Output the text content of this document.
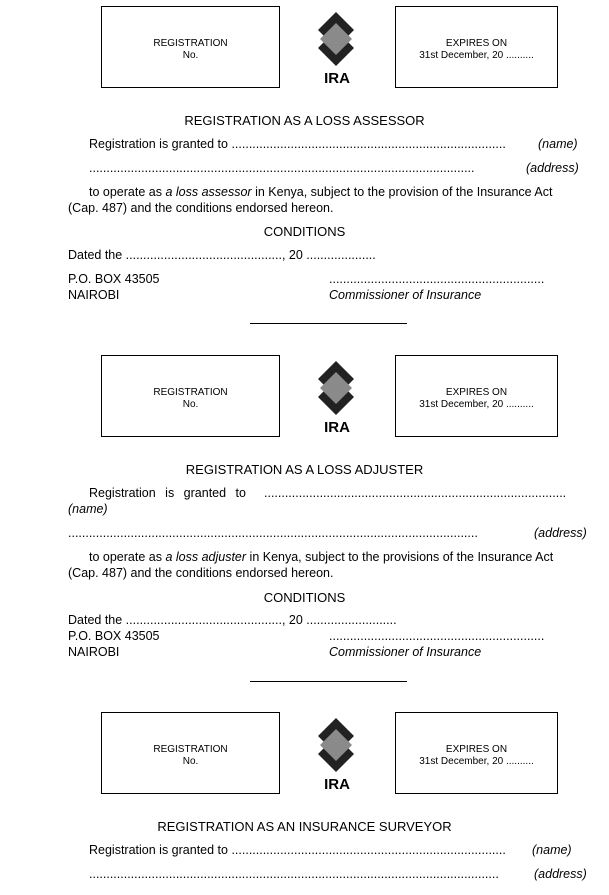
REGISTRATION
No.
IRA
EXPIRES ON
31st December, 20 ..........
REGISTRATION AS A LOSS ASSESSOR
Registration is granted to ...............................................................................	(name)
...............................................................................................................	(address)
to operate as a loss assessor in Kenya, subject to the provision of the Insurance Act
(Cap. 487) and the conditions endorsed hereon.
CONDITIONS
Dated the ............................................., 20 ....................
P.O. BOX 43505	..............................................................
NAIROBI	Commissioner of Insurance
REGISTRATION
No.
IRA
EXPIRES ON
31st December, 20 ..........
REGISTRATION AS A LOSS ADJUSTER
Registration is granted to .......................................................................................
(name)
......................................................................................................................	(address)
to operate as a loss adjuster in Kenya, subject to the provisions of the Insurance Act
(Cap. 487) and the conditions endorsed hereon.
CONDITIONS
Dated the ............................................., 20 ..........................
P.O. BOX 43505	..............................................................
NAIROBI	Commissioner of Insurance
REGISTRATION
No.
IRA
EXPIRES ON
31st December, 20 ..........
REGISTRATION AS AN INSURANCE SURVEYOR
Registration is granted to ............................................................................... (name)
......................................................................................................................	(address)
